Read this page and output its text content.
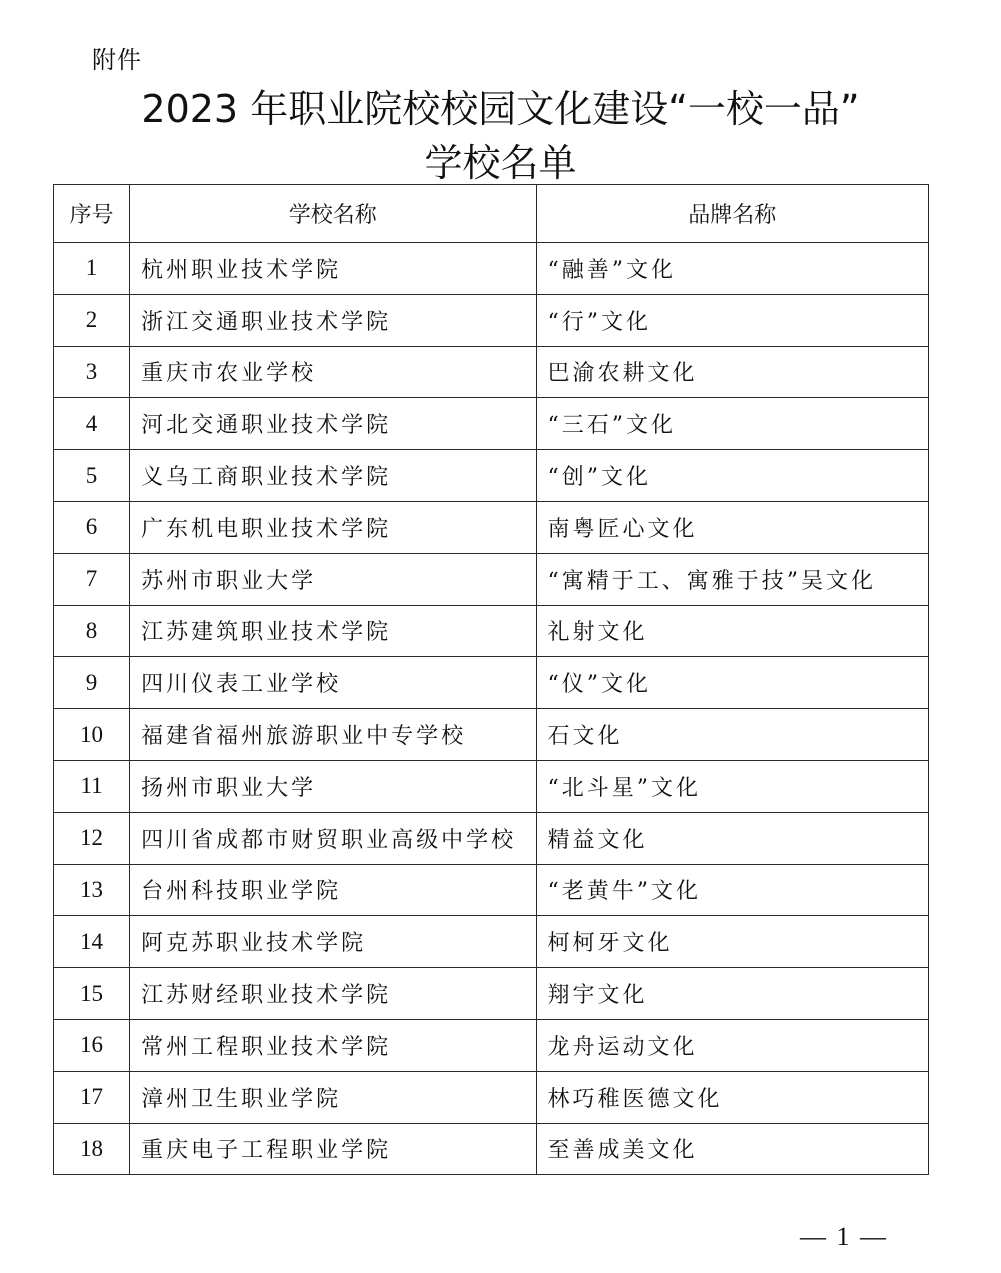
附件
2023 年职业院校校园文化建设“一校一品”
学校名单
序号	学校名称	品牌名称
1	杭州职业技术学院	“融善”文化
2	浙江交通职业技术学院	“行”文化
3	重庆市农业学校	巴渝农耕文化
4	河北交通职业技术学院	“三石”文化
5	义乌工商职业技术学院	“创”文化
6	广东机电职业技术学院	南粤匠心文化
7	苏州市职业大学	“寓精于工、寓雅于技”吴文化
8	江苏建筑职业技术学院	礼射文化
9	四川仪表工业学校	“仪”文化
10	福建省福州旅游职业中专学校	石文化
11	扬州市职业大学	“北斗星”文化
12	四川省成都市财贸职业高级中学校	精益文化
13	台州科技职业学院	“老黄牛”文化
14	阿克苏职业技术学院	柯柯牙文化
15	江苏财经职业技术学院	翔宇文化
16	常州工程职业技术学院	龙舟运动文化
17	漳州卫生职业学院	林巧稚医德文化
18	重庆电子工程职业学院	至善成美文化
— 1 —
